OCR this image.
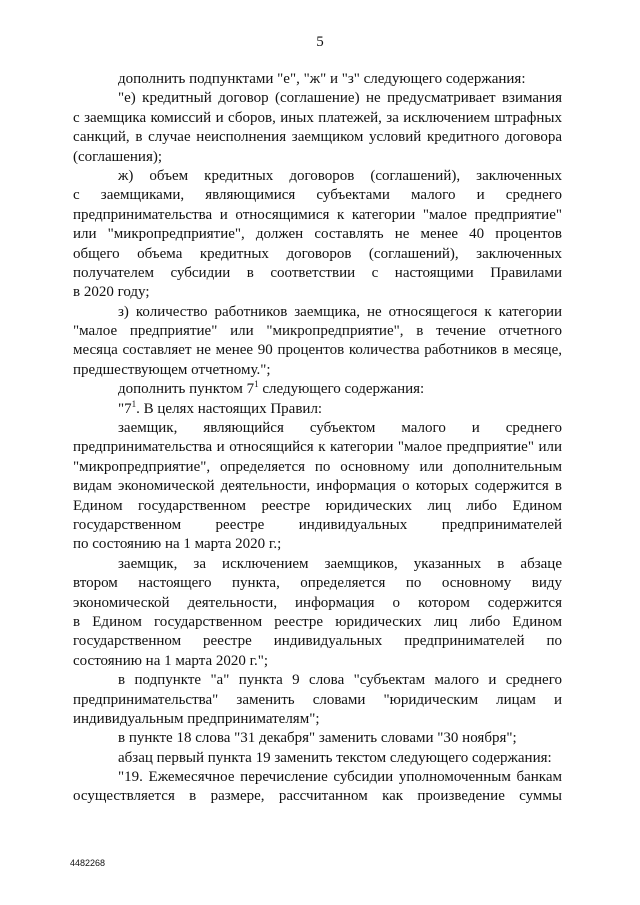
5
дополнить подпунктами "е", "ж" и "з" следующего содержания:
"е) кредитный договор (соглашение) не предусматривает взимания
с заемщика комиссий и сборов, иных платежей, за исключением штрафных
санкций, в случае неисполнения заемщиком условий кредитного договора
(соглашения);
ж) объем кредитных договоров (соглашений), заключенных
с заемщиками, являющимися субъектами малого и среднего
предпринимательства и относящимися к категории "малое предприятие"
или "микропредприятие", должен составлять не менее 40 процентов
общего объема кредитных договоров (соглашений), заключенных
получателем субсидии в соответствии с настоящими Правилами
в 2020 году;
з) количество работников заемщика, не относящегося к категории
"малое предприятие" или "микропредприятие", в течение отчетного
месяца составляет не менее 90 процентов количества работников в месяце,
предшествующем отчетному.";
дополнить пунктом $7^1$ следующего содержания:
"$7^1$. В целях настоящих Правил:
заемщик, являющийся субъектом малого и среднего
предпринимательства и относящийся к категории "малое предприятие" или
"микропредприятие", определяется по основному или дополнительным
видам экономической деятельности, информация о которых содержится в
Едином государственном реестре юридических лиц либо Едином
государственном реестре индивидуальных предпринимателей
по состоянию на 1 марта 2020 г.;
заемщик, за исключением заемщиков, указанных в абзаце
втором настоящего пункта, определяется по основному виду
экономической деятельности, информация о котором содержится
в Едином государственном реестре юридических лиц либо Едином
государственном реестре индивидуальных предпринимателей по
состоянию на 1 марта 2020 г.";
в подпункте "а" пункта 9 слова "субъектам малого и среднего
предпринимательства" заменить словами "юридическим лицам и
индивидуальным предпринимателям";
в пункте 18 слова "31 декабря" заменить словами "30 ноября";
абзац первый пункта 19 заменить текстом следующего содержания:
"19. Ежемесячное перечисление субсидии уполномоченным банкам
осуществляется в размере, рассчитанном как произведение суммы
4482268
